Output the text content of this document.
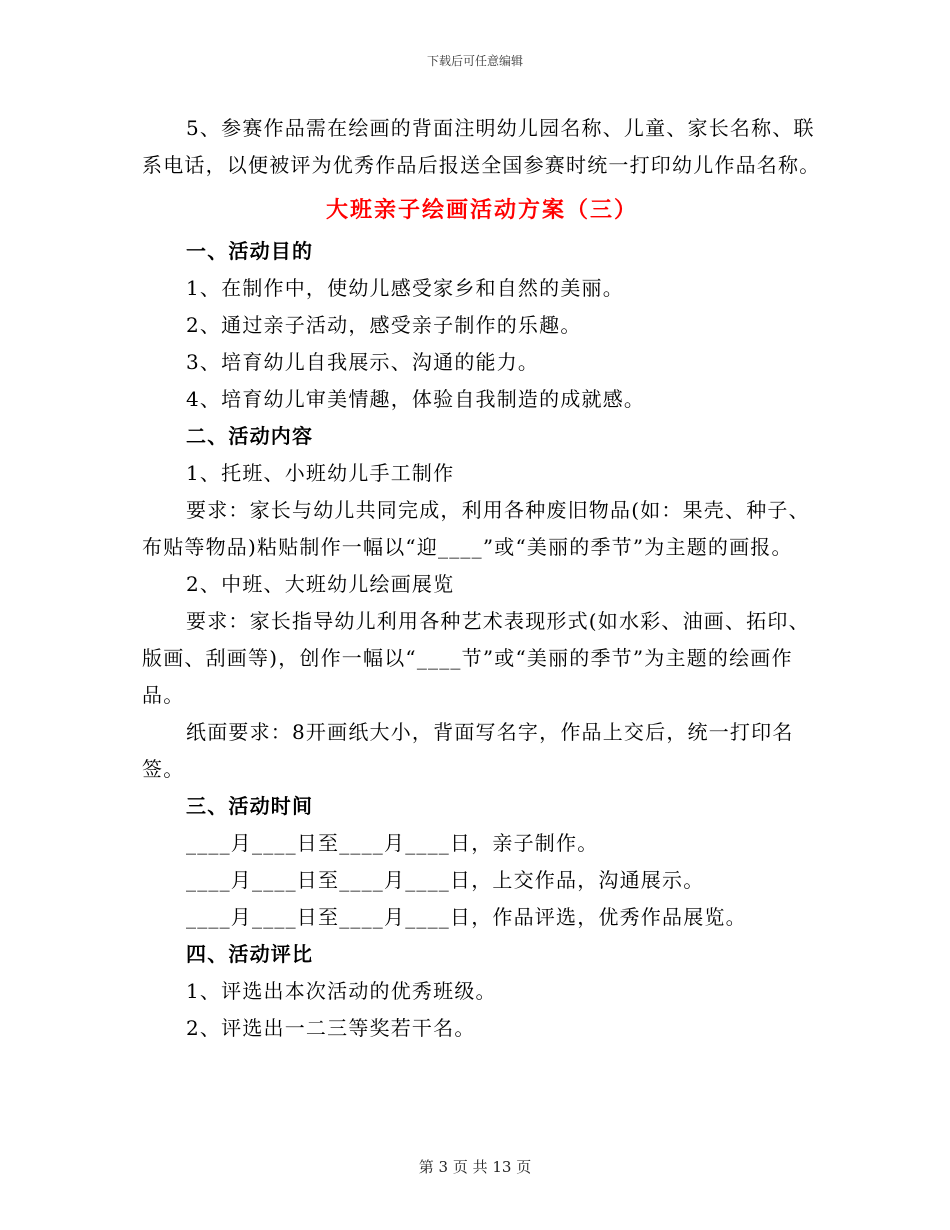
下载后可任意编辑

5、参赛作品需在绘画的背面注明幼儿园名称、儿童、家长名称、联系电话，以便被评为优秀作品后报送全国参赛时统一打印幼儿作品名称。

大班亲子绘画活动方案（三）

一、活动目的

1、在制作中，使幼儿感受家乡和自然的美丽。

2、通过亲子活动，感受亲子制作的乐趣。

3、培育幼儿自我展示、沟通的能力。

4、培育幼儿审美情趣，体验自我制造的成就感。

二、活动内容

1、托班、小班幼儿手工制作

要求：家长与幼儿共同完成，利用各种废旧物品(如：果壳、种子、布贴等物品)粘贴制作一幅以“迎____”或“美丽的季节”为主题的画报。

2、中班、大班幼儿绘画展览

要求：家长指导幼儿利用各种艺术表现形式(如水彩、油画、拓印、版画、刮画等)，创作一幅以“____节”或“美丽的季节”为主题的绘画作品。

纸面要求：8开画纸大小，背面写名字，作品上交后，统一打印名签。

三、活动时间

____月____日至____月____日，亲子制作。

____月____日至____月____日，上交作品，沟通展示。

____月____日至____月____日，作品评选，优秀作品展览。

四、活动评比

1、评选出本次活动的优秀班级。

2、评选出一二三等奖若干名。

第 3 页 共 13 页
